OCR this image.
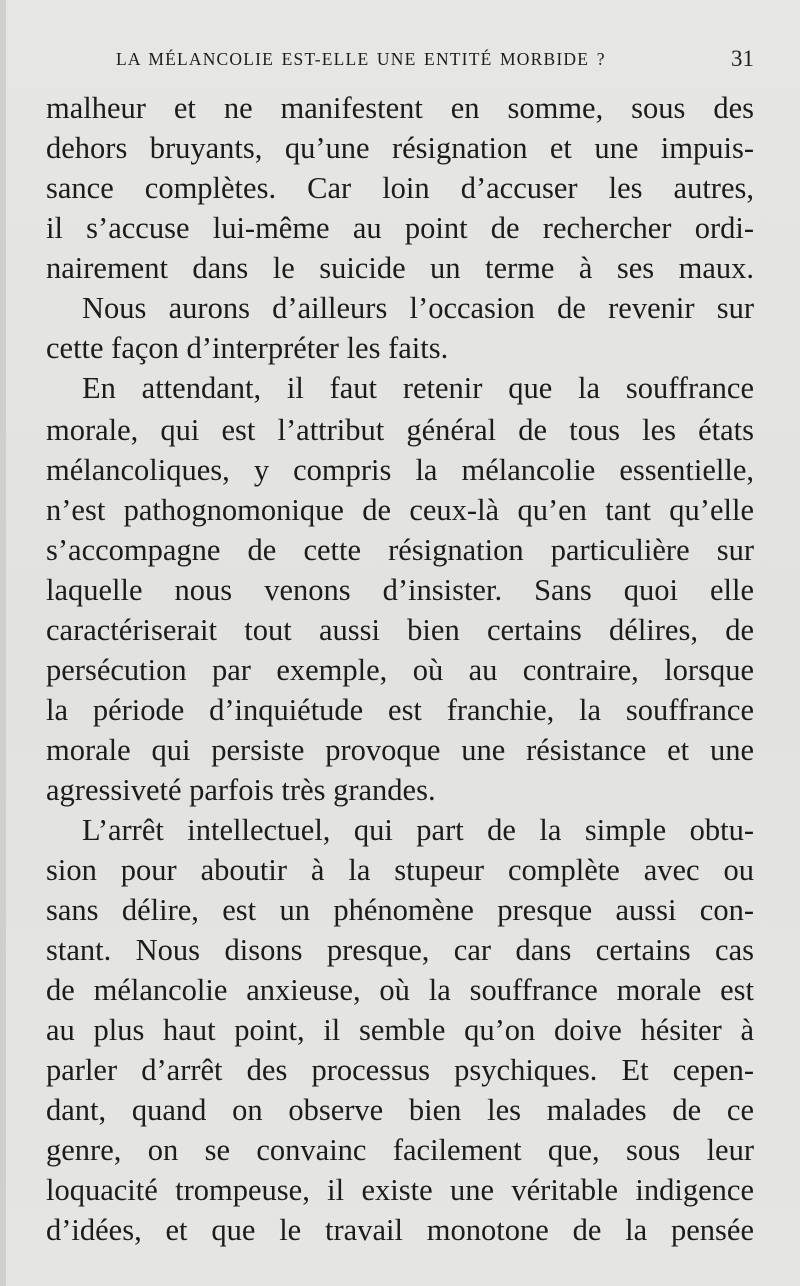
LA MÉLANCOLIE EST-ELLE UNE ENTITÉ MORBIDE ?	31
malheur et ne manifestent en somme, sous des
dehors bruyants, qu’une résignation et une impuis-
sance complètes. Car loin d’accuser les autres,
il s’accuse lui-même au point de rechercher ordi-
nairement dans le suicide un terme à ses maux.
Nous aurons d’ailleurs l’occasion de revenir sur
cette façon d’interpréter les faits.
En attendant, il faut retenir que la souffrance
morale, qui est l’attribut général de tous les états
mélancoliques, y compris la mélancolie essentielle,
n’est pathognomonique de ceux-là qu’en tant qu’elle
s’accompagne de cette résignation particulière sur
laquelle nous venons d’insister. Sans quoi elle
caractériserait tout aussi bien certains délires, de
persécution par exemple, où au contraire, lorsque
la période d’inquiétude est franchie, la souffrance
morale qui persiste provoque une résistance et une
agressiveté parfois très grandes.
L’arrêt intellectuel, qui part de la simple obtu-
sion pour aboutir à la stupeur complète avec ou
sans délire, est un phénomène presque aussi con-
stant. Nous disons presque, car dans certains cas
de mélancolie anxieuse, où la souffrance morale est
au plus haut point, il semble qu’on doive hésiter à
parler d’arrêt des processus psychiques. Et cepen-
dant, quand on observe bien les malades de ce
genre, on se convainc facilement que, sous leur
loquacité trompeuse, il existe une véritable indigence
d’idées, et que le travail monotone de la pensée
